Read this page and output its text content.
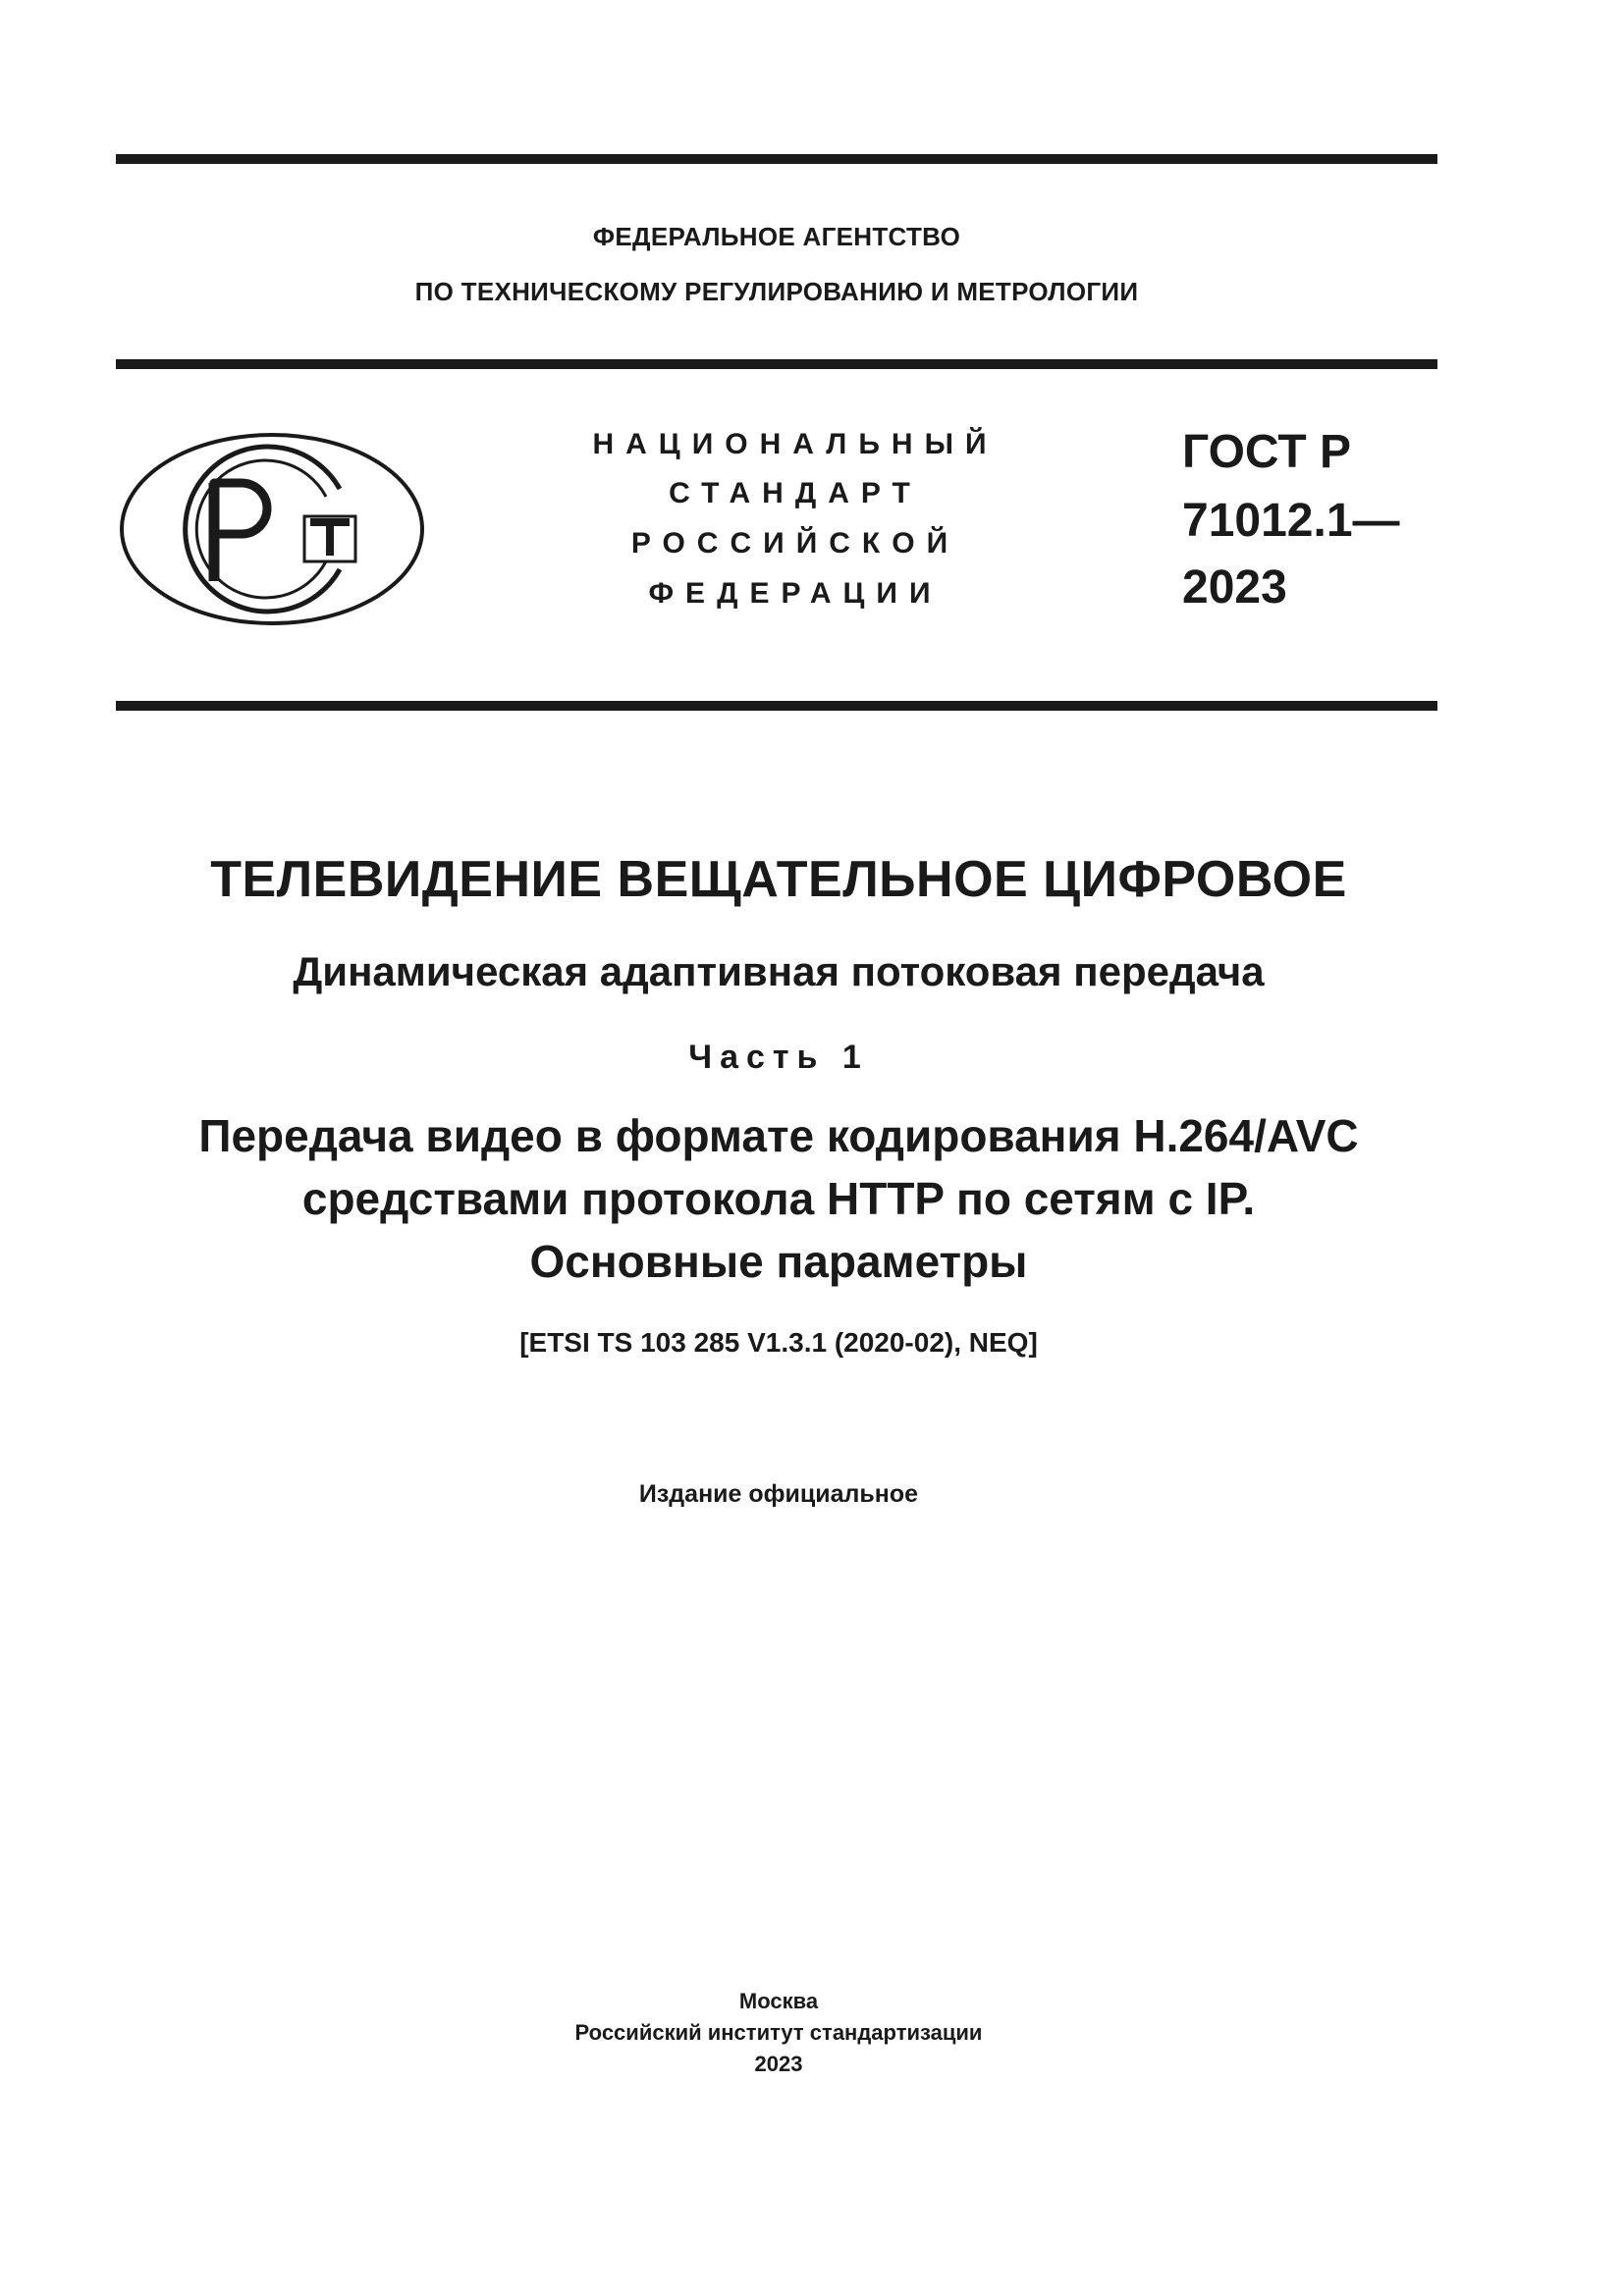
ФЕДЕРАЛЬНОЕ АГЕНТСТВО
ПО ТЕХНИЧЕСКОМУ РЕГУЛИРОВАНИЮ И МЕТРОЛОГИИ
НАЦИОНАЛЬНЫЙ
СТАНДАРТ
РОССИЙСКОЙ
ФЕДЕРАЦИИ
ГОСТ Р
71012.1—
2023
ТЕЛЕВИДЕНИЕ ВЕЩАТЕЛЬНОЕ ЦИФРОВОЕ
Динамическая адаптивная потоковая передача
Часть 1
Передача видео в формате кодирования H.264/AVC
средствами протокола HTTP по сетям с IP.
Основные параметры
[ETSI TS 103 285 V1.3.1 (2020-02), NEQ]
Издание официальное
Москва
Российский институт стандартизации
2023
